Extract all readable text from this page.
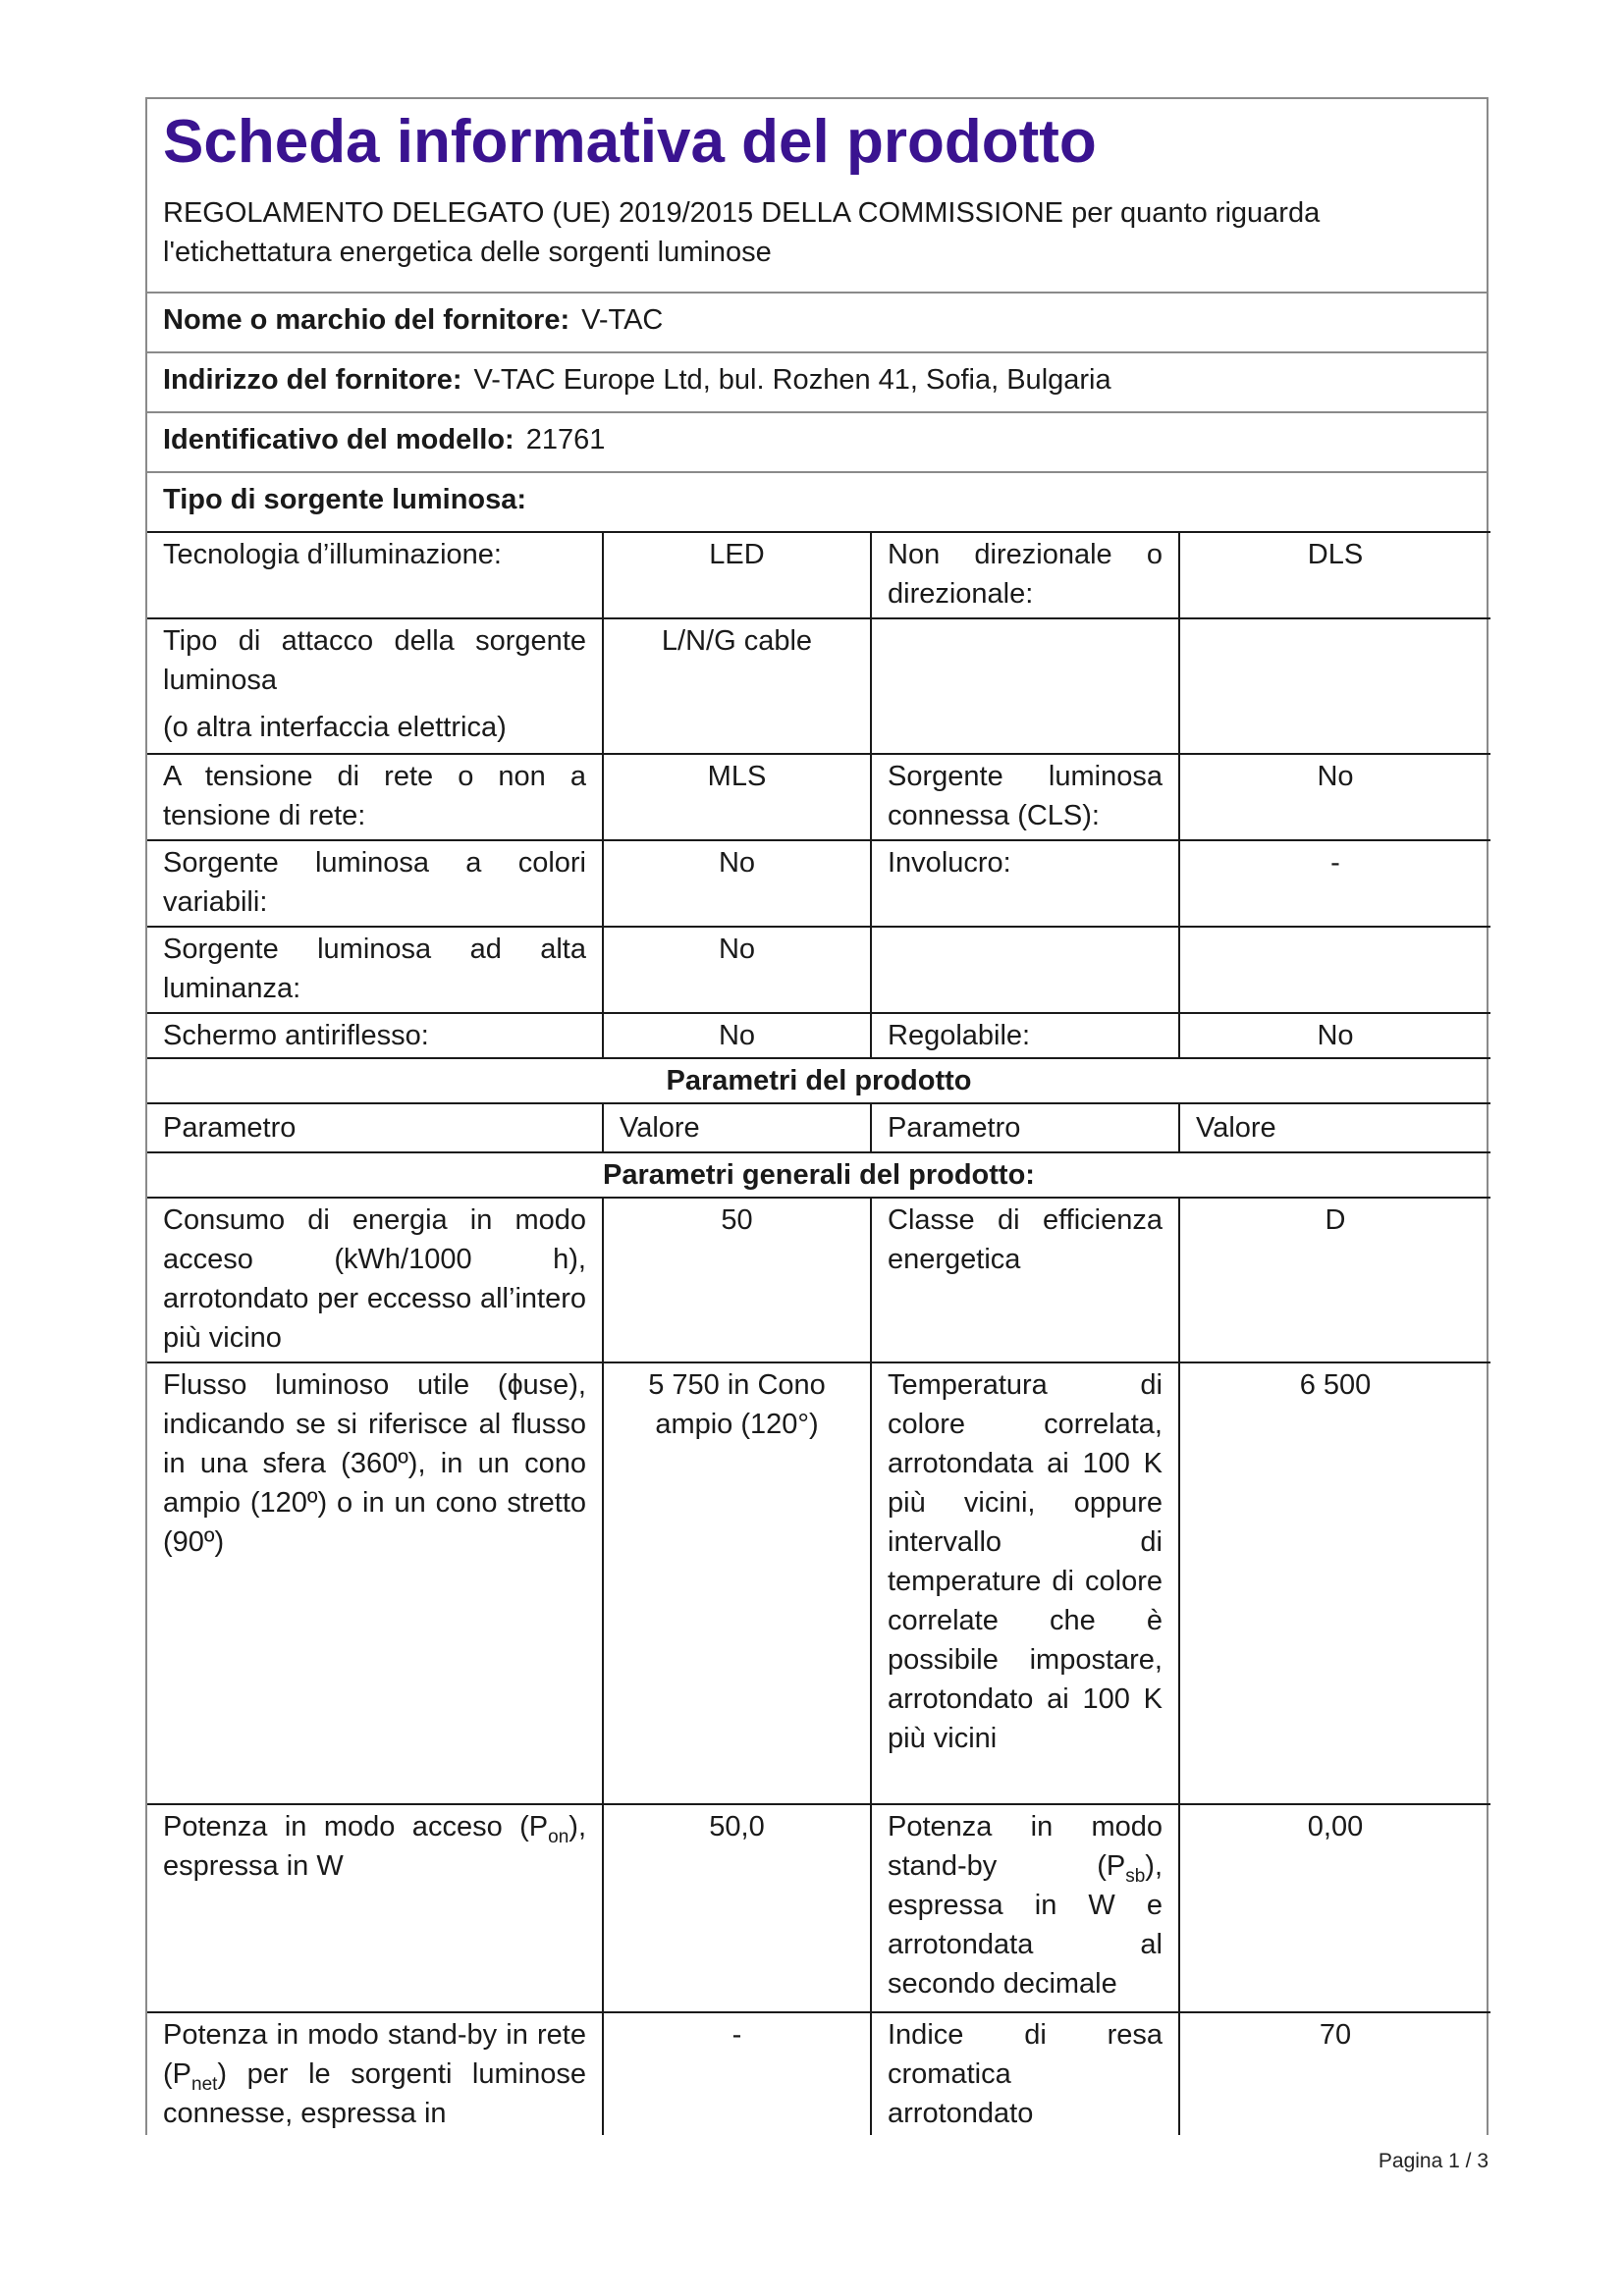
Scheda informativa del prodotto
REGOLAMENTO DELEGATO (UE) 2019/2015 DELLA COMMISSIONE per quanto riguarda
l'etichettatura energetica delle sorgenti luminose
Nome o marchio del fornitore: V-TAC
Indirizzo del fornitore: V-TAC Europe Ltd, bul. Rozhen 41, Sofia, Bulgaria
Identificativo del modello: 21761
Tipo di sorgente luminosa:
Tecnologia d’illuminazione:	LED	Non direzionale o direzionale:	DLS

Tipo di attacco della sorgente luminosa
(o altra interfaccia elettrica)	L/N/G cable		
A tensione di rete o non a tensione di rete:	MLS	Sorgente luminosa connessa (CLS):	No
Sorgente luminosa a colori variabili:	No	Involucro:	-
Sorgente luminosa ad alta luminanza:	No		
Schermo antiriflesso:	No	Regolabile:	No
Parametri del prodotto			
Parametro	Valore	Parametro	Valore
Parametri generali del prodotto:			
Consumo di energia in modo acceso (kWh/1000 h), arrotondato per eccesso all’intero più vicino	50	Classe di efficienza energetica	D
Flusso luminoso utile (ɸuse), indicando se si riferisce al flusso in una sfera (360º), in un cono ampio (120º) o in un cono stretto (90º)	5 750 in Cono ampio (120°)	Temperatura di colore correlata, arrotondata ai 100 K più vicini, oppure intervallo di temperature di colore correlate che è possibile impostare, arrotondato ai 100 K più vicini	6 500
Potenza in modo acceso $(P_{on})$, espressa in W	50,0	Potenza in modo stand-by $(P_{sb})$, espressa in W e arrotondata al secondo decimale	0,00
Potenza in modo stand-by in rete $(P_{net})$ per le sorgenti luminose connesse, espressa in	-	Indice di resa cromatica arrotondato	70
Pagina 1 / 3
